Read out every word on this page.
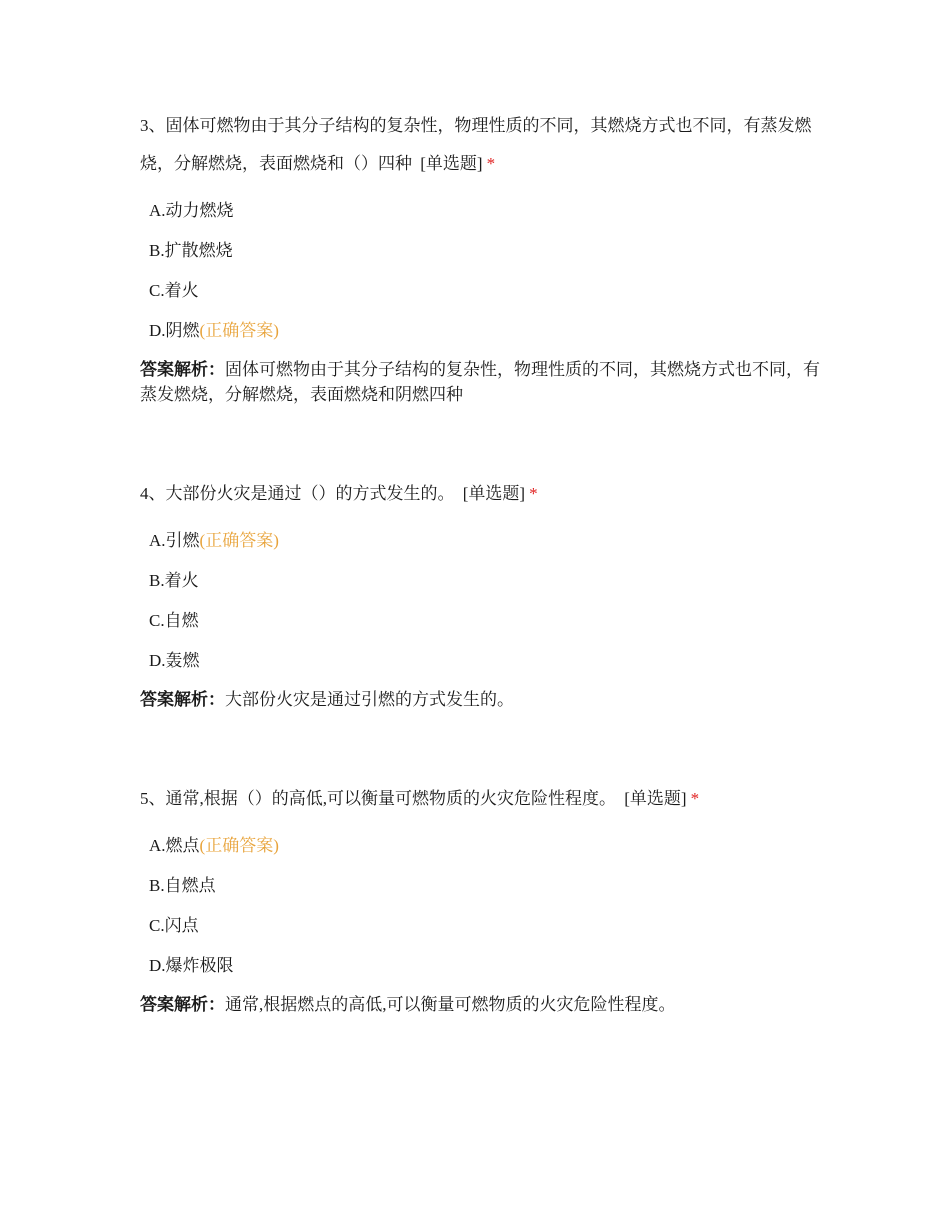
3、固体可燃物由于其分子结构的复杂性，物理性质的不同，其燃烧方式也不同，有蒸发燃烧，分解燃烧，表面燃烧和（）四种 [单选题] *

A.动力燃烧
B.扩散燃烧
C.着火
D.阴燃(正确答案)
答案解析：固体可燃物由于其分子结构的复杂性，物理性质的不同，其燃烧方式也不同，有蒸发燃烧，分解燃烧，表面燃烧和阴燃四种

4、大部份火灾是通过（）的方式发生的。 [单选题] *

A.引燃(正确答案)
B.着火
C.自燃
D.轰燃
答案解析：大部份火灾是通过引燃的方式发生的。

5、通常,根据（）的高低,可以衡量可燃物质的火灾危险性程度。 [单选题] *

A.燃点(正确答案)
B.自燃点
C.闪点
D.爆炸极限
答案解析：通常,根据燃点的高低,可以衡量可燃物质的火灾危险性程度。
